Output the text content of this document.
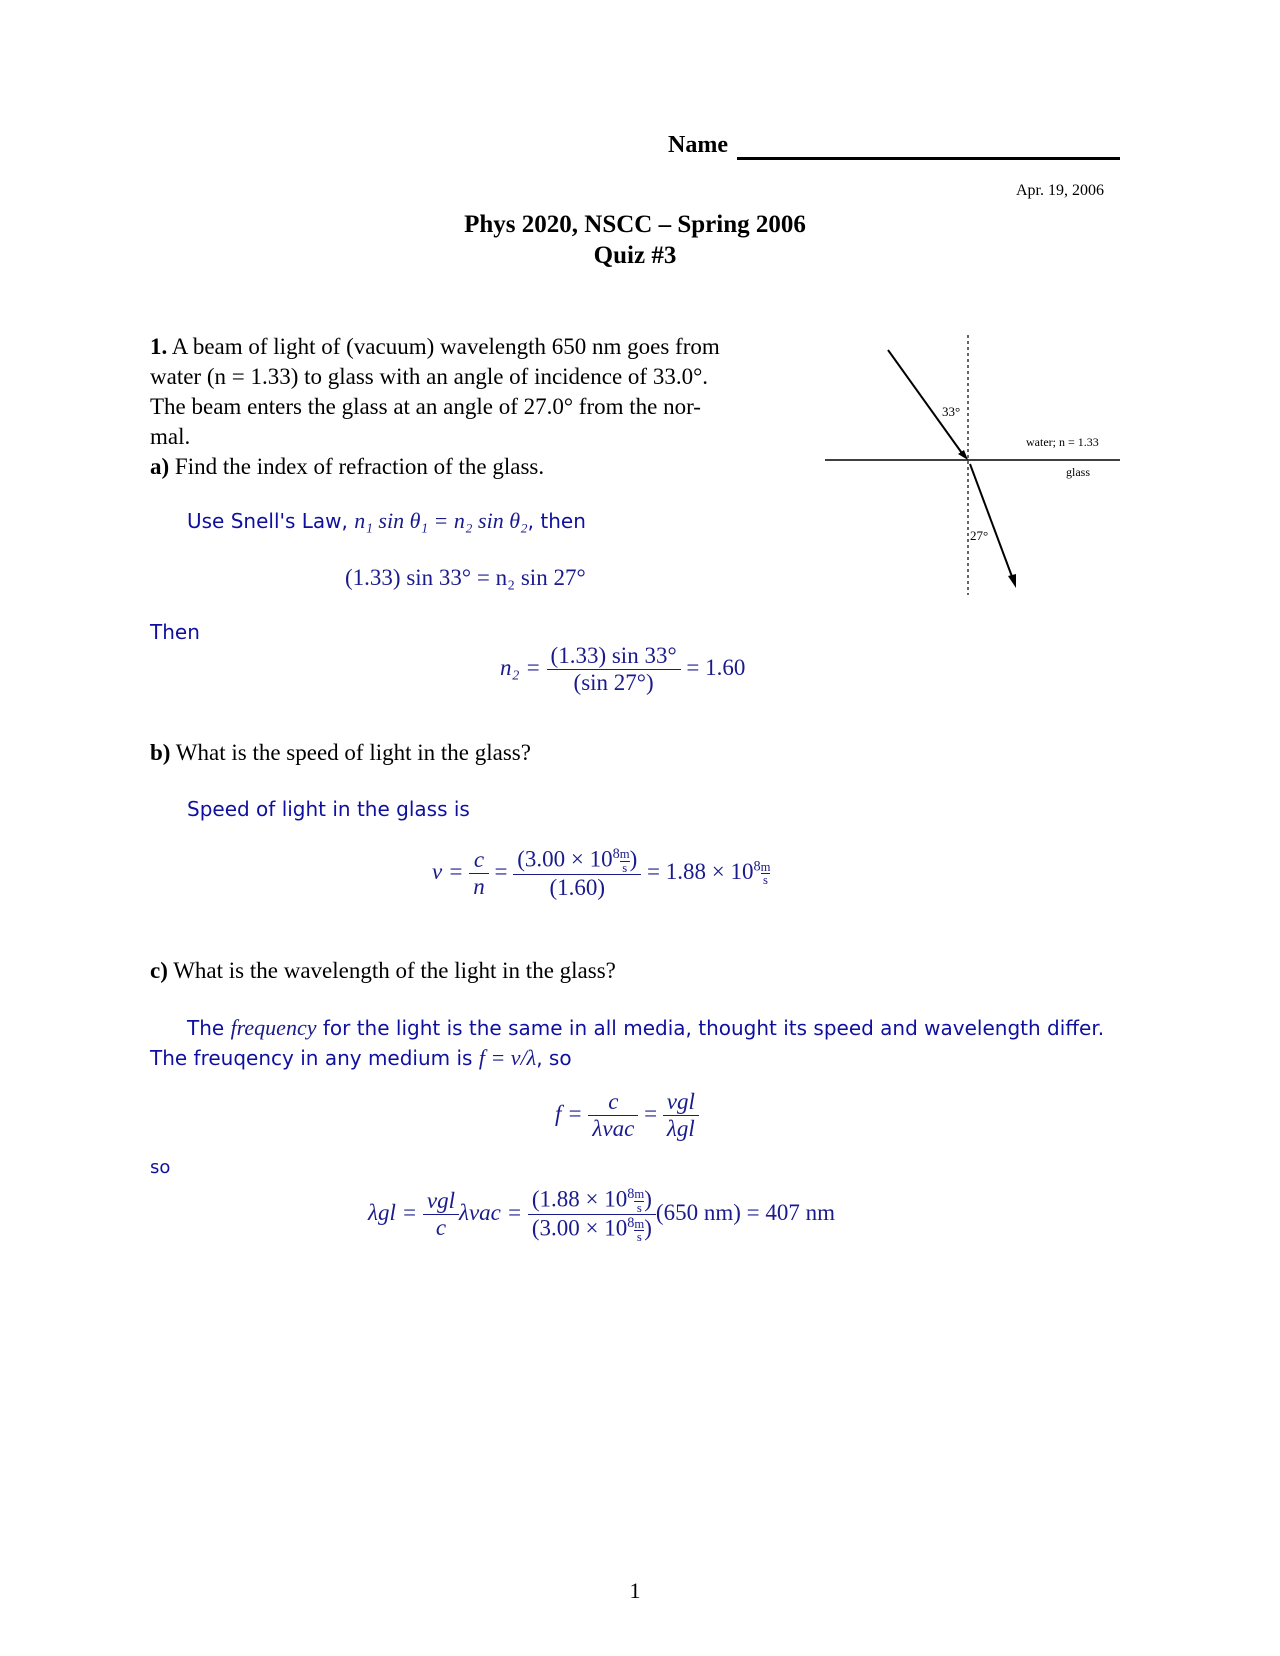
Name
Apr. 19, 2006
Phys 2020, NSCC – Spring 2006
Quiz #3
1. A beam of light of (vacuum) wavelength 650 nm goes from
water (n = 1.33) to glass with an angle of incidence of 33.0°.
The beam enters the glass at an angle of 27.0° from the nor-
mal.
a) Find the index of refraction of the glass.
33°
27°
water; n = 1.33
glass
Use Snell's Law, n₁ sin θ₁ = n₂ sin θ₂, then
(1.33) sin 33° = n₂ sin 27°
Then
$n_2 = \frac{(1.33) \sin 33^\circ}{(\sin 27^\circ)} = 1.60$
b) What is the speed of light in the glass?
Speed of light in the glass is
$v = \frac{c}{n} = \frac{(3.00 \times 10^8 \frac{m}{s} )}{(1.60)} = 1.88 \times 10^8 \frac{m}{s}$
c) What is the wavelength of the light in the glass?
The frequency for the light is the same in all media, thought its speed and wavelength differ.
The freuqency in any medium is f = v/λ, so
$f = \frac{c}{\text{λvac}} = \frac{\text{vgl}}{\text{λgl}}$
so
$\lambda gl = \frac{\text{vgl}}{c}$ $\lambda vac = \frac{(1.88 \times 10^8 \frac{m}{s} )}{(3.00 \times 10^8 \frac{m}{s} )} (650$ nm) = 407 nm
1
